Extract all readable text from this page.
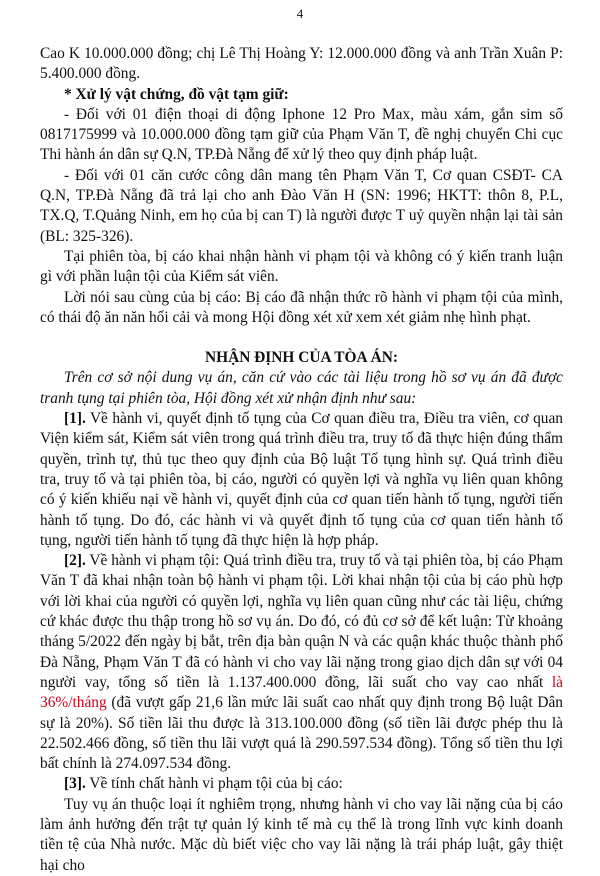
4

Cao K 10.000.000 đồng; chị Lê Thị Hoàng Y: 12.000.000 đồng và anh Trần Xuân P: 5.400.000 đồng.

* Xử lý vật chứng, đồ vật tạm giữ:

- Đối với 01 điện thoại di động Iphone 12 Pro Max, màu xám, gắn sim số 0817175999 và 10.000.000 đồng tạm giữ của Phạm Văn T, đề nghị chuyển Chi cục Thi hành án dân sự Q.N, TP.Đà Nẵng để xử lý theo quy định pháp luật.

- Đối với 01 căn cước công dân mang tên Phạm Văn T, Cơ quan CSĐT- CA Q.N, TP.Đà Nẵng đã trả lại cho anh Đào Văn H (SN: 1996; HKTT: thôn 8, P.L, TX.Q, T.Quảng Ninh, em họ của bị can T) là người được T uỷ quyền nhận lại tài sản (BL: 325-326).

Tại phiên tòa, bị cáo khai nhận hành vi phạm tội và không có ý kiến tranh luận gì với phần luận tội của Kiểm sát viên.

Lời nói sau cùng của bị cáo: Bị cáo đã nhận thức rõ hành vi phạm tội của mình, có thái độ ăn năn hối cải và mong Hội đồng xét xử xem xét giảm nhẹ hình phạt.

NHẬN ĐỊNH CỦA TÒA ÁN:

Trên cơ sở nội dung vụ án, căn cứ vào các tài liệu trong hồ sơ vụ án đã được tranh tụng tại phiên tòa, Hội đồng xét xử nhận định như sau:

[1]. Về hành vi, quyết định tố tụng của Cơ quan điều tra, Điều tra viên, cơ quan Viện kiểm sát, Kiểm sát viên trong quá trình điều tra, truy tố đã thực hiện đúng thẩm quyền, trình tự, thủ tục theo quy định của Bộ luật Tố tụng hình sự. Quá trình điều tra, truy tố và tại phiên tòa, bị cáo, người có quyền lợi và nghĩa vụ liên quan không có ý kiến khiếu nại về hành vi, quyết định của cơ quan tiến hành tố tụng, người tiến hành tố tụng. Do đó, các hành vi và quyết định tố tụng của cơ quan tiến hành tố tụng, người tiến hành tố tụng đã thực hiện là hợp pháp.

[2]. Về hành vi phạm tội: Quá trình điều tra, truy tố và tại phiên tòa, bị cáo Phạm Văn T đã khai nhận toàn bộ hành vi phạm tội. Lời khai nhận tội của bị cáo phù hợp với lời khai của người có quyền lợi, nghĩa vụ liên quan cũng như các tài liệu, chứng cứ khác được thu thập trong hồ sơ vụ án. Do đó, có đủ cơ sở để kết luận: Từ khoảng tháng 5/2022 đến ngày bị bắt, trên địa bàn quận N và các quận khác thuộc thành phố Đà Nẵng, Phạm Văn T đã có hành vi cho vay lãi nặng trong giao dịch dân sự với 04 người vay, tổng số tiền là 1.137.400.000 đồng, lãi suất cho vay cao nhất là 36%/tháng (đã vượt gấp 21,6 lần mức lãi suất cao nhất quy định trong Bộ luật Dân sự là 20%). Số tiền lãi thu được là 313.100.000 đồng (số tiền lãi được phép thu là 22.502.466 đồng, số tiền thu lãi vượt quá là 290.597.534 đồng). Tổng số tiền thu lợi bất chính là 274.097.534 đồng.

[3]. Về tính chất hành vi phạm tội của bị cáo:

Tuy vụ án thuộc loại ít nghiêm trọng, nhưng hành vi cho vay lãi nặng của bị cáo làm ảnh hưởng đến trật tự quản lý kinh tế mà cụ thể là trong lĩnh vực kinh doanh tiền tệ của Nhà nước. Mặc dù biết việc cho vay lãi nặng là trái pháp luật, gây thiệt hại cho
